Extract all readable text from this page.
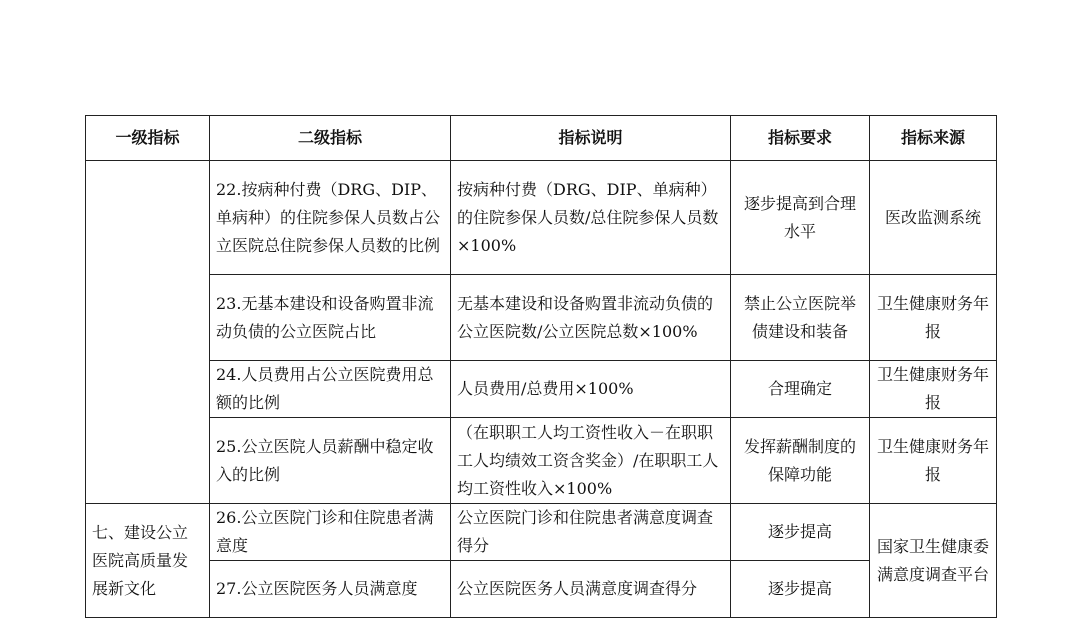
一级指标	二级指标	指标说明	指标要求	指标来源
	22.按病种付费（DRG、DIP、单病种）的住院参保人员数占公立医院总住院参保人员数的比例	按病种付费（DRG、DIP、单病种）的住院参保人员数/总住院参保人员数×100%	逐步提高到合理水平	医改监测系统
	23.无基本建设和设备购置非流动负债的公立医院占比	无基本建设和设备购置非流动负债的公立医院数/公立医院总数×100%	禁止公立医院举债建设和装备	卫生健康财务年报
	24.人员费用占公立医院费用总额的比例	人员费用/总费用×100%	合理确定	卫生健康财务年报
	25.公立医院人员薪酬中稳定收入的比例	（在职职工人均工资性收入－在职职工人均绩效工资含奖金）/在职职工人均工资性收入×100%	发挥薪酬制度的保障功能	卫生健康财务年报
七、建设公立医院高质量发展新文化	26.公立医院门诊和住院患者满意度	公立医院门诊和住院患者满意度调查得分	逐步提高	国家卫生健康委满意度调查平台
	27.公立医院医务人员满意度	公立医院医务人员满意度调查得分	逐步提高	
